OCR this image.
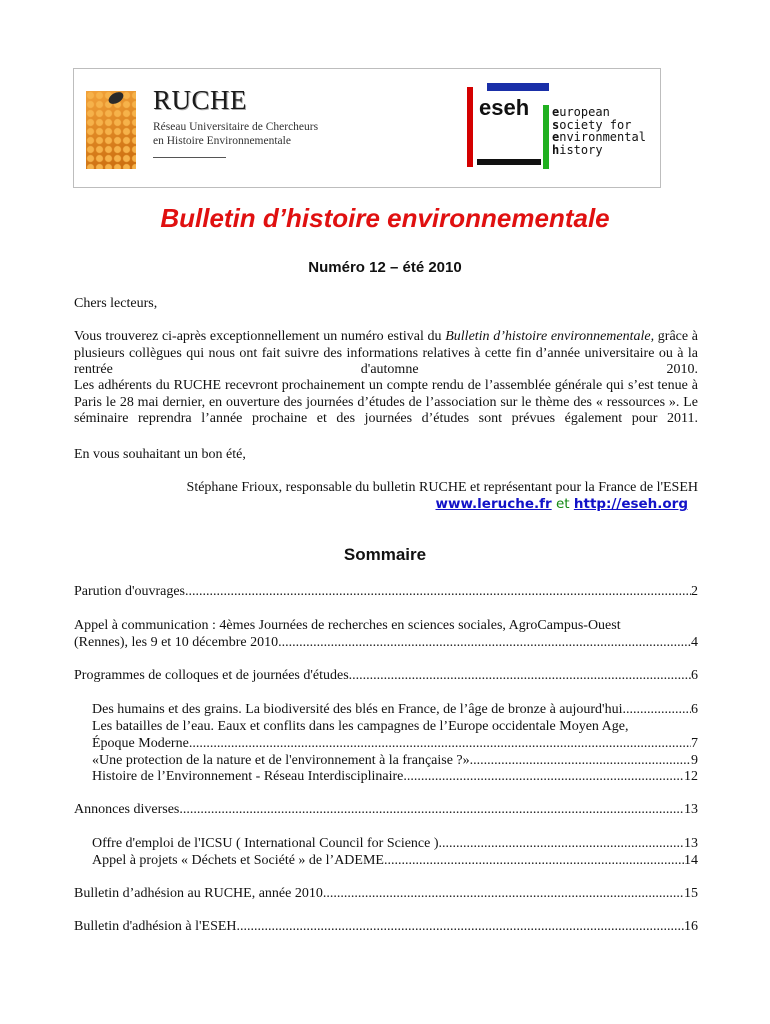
RUCHE
Réseau Universitaire de Chercheurs
en Histoire Environnementale
eseh european
society for
environmental
history
Bulletin d’histoire environnementale
Numéro 12 – été 2010
Chers lecteurs,
Vous trouverez ci-après exceptionnellement un numéro estival du Bulletin d’histoire environnementale, grâce à plusieurs collègues qui nous ont fait suivre des informations relatives à cette fin d’année universitaire ou à la rentrée d'automne 2010.
Les adhérents du RUCHE recevront prochainement un compte rendu de l’assemblée générale qui s’est tenue à Paris le 28 mai dernier, en ouverture des journées d’études de l’association sur le thème des « ressources ». Le séminaire reprendra l’année prochaine et des journées d’études sont prévues également pour 2011.
En vous souhaitant un bon été,
Stéphane Frioux, responsable du bulletin RUCHE et représentant pour la France de l'ESEH
www.leruche.fr et http://eseh.org
Sommaire
Parution d'ouvrages .....	2
Appel à communication : 4èmes Journées de recherches en sciences sociales, AgroCampus-Ouest
(Rennes), les 9 et 10 décembre 2010 .....	4
Programmes de colloques et de journées d'études .....	6
Des humains et des grains. La biodiversité des blés en France, de l’âge de bronze à aujourd'hui. .....	6
Les batailles de l’eau. Eaux et conflits dans les campagnes de l’Europe occidentale Moyen Age,
Époque Moderne .....	7
«Une protection de la nature et de l'environnement à la française ?» .....	9
Histoire de l’Environnement - Réseau Interdisciplinaire .....	12
Annonces diverses .....	13
Offre d'emploi de l'ICSU ( International Council for Science ) .....	13
Appel à projets « Déchets et Société » de l’ADEME .....	14
Bulletin d’adhésion au RUCHE, année 2010 .....	15
Bulletin d'adhésion à l'ESEH .....	16
